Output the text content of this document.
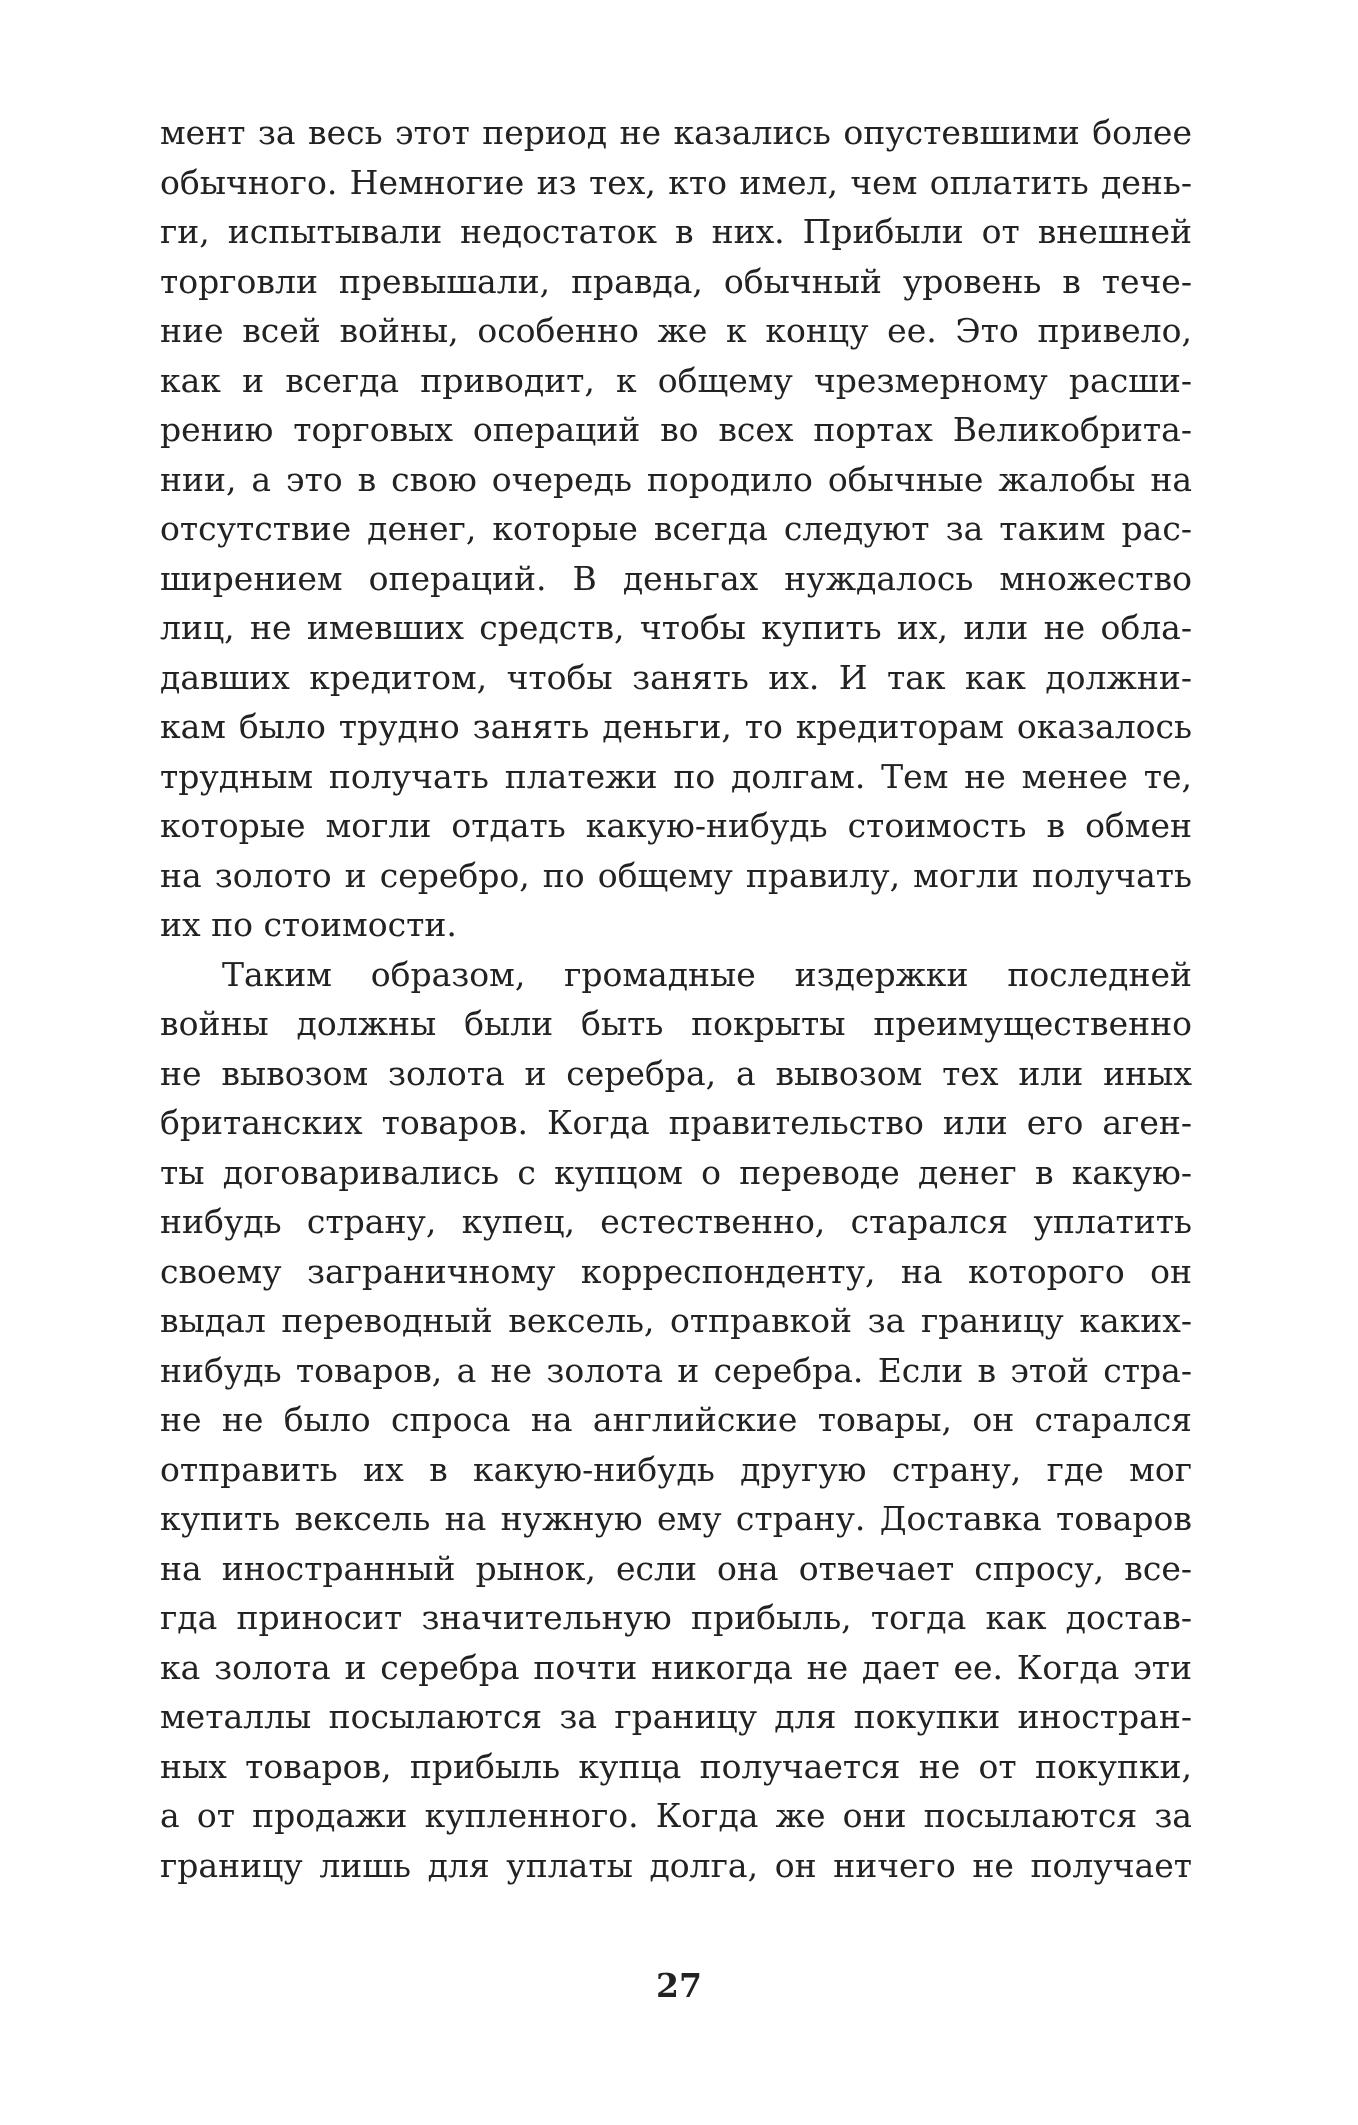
мент за весь этот период не казались опустевшими более
обычного. Немногие из тех, кто имел, чем оплатить день-
ги, испытывали недостаток в них. Прибыли от внешней
торговли превышали, правда, обычный уровень в тече-
ние всей войны, особенно же к концу ее. Это привело,
как и всегда приводит, к общему чрезмерному расши-
рению торговых операций во всех портах Великобрита-
нии, а это в свою очередь породило обычные жалобы на
отсутствие денег, которые всегда следуют за таким рас-
ширением операций. В деньгах нуждалось множество
лиц, не имевших средств, чтобы купить их, или не обла-
давших кредитом, чтобы занять их. И так как должни-
кам было трудно занять деньги, то кредиторам оказалось
трудным получать платежи по долгам. Тем не менее те,
которые могли отдать какую-нибудь стоимость в обмен
на золото и серебро, по общему правилу, могли получать
их по стоимости.
Таким образом, громадные издержки последней
войны должны были быть покрыты преимущественно
не вывозом золота и серебра, а вывозом тех или иных
британских товаров. Когда правительство или его аген-
ты договаривались с купцом о переводе денег в какую-
нибудь страну, купец, естественно, старался уплатить
своему заграничному корреспонденту, на которого он
выдал переводный вексель, отправкой за границу каких-
нибудь товаров, а не золота и серебра. Если в этой стра-
не не было спроса на английские товары, он старался
отправить их в какую-нибудь другую страну, где мог
купить вексель на нужную ему страну. Доставка товаров
на иностранный рынок, если она отвечает спросу, все-
гда приносит значительную прибыль, тогда как достав-
ка золота и серебра почти никогда не дает ее. Когда эти
металлы посылаются за границу для покупки иностран-
ных товаров, прибыль купца получается не от покупки,
а от продажи купленного. Когда же они посылаются за
границу лишь для уплаты долга, он ничего не получает
27
